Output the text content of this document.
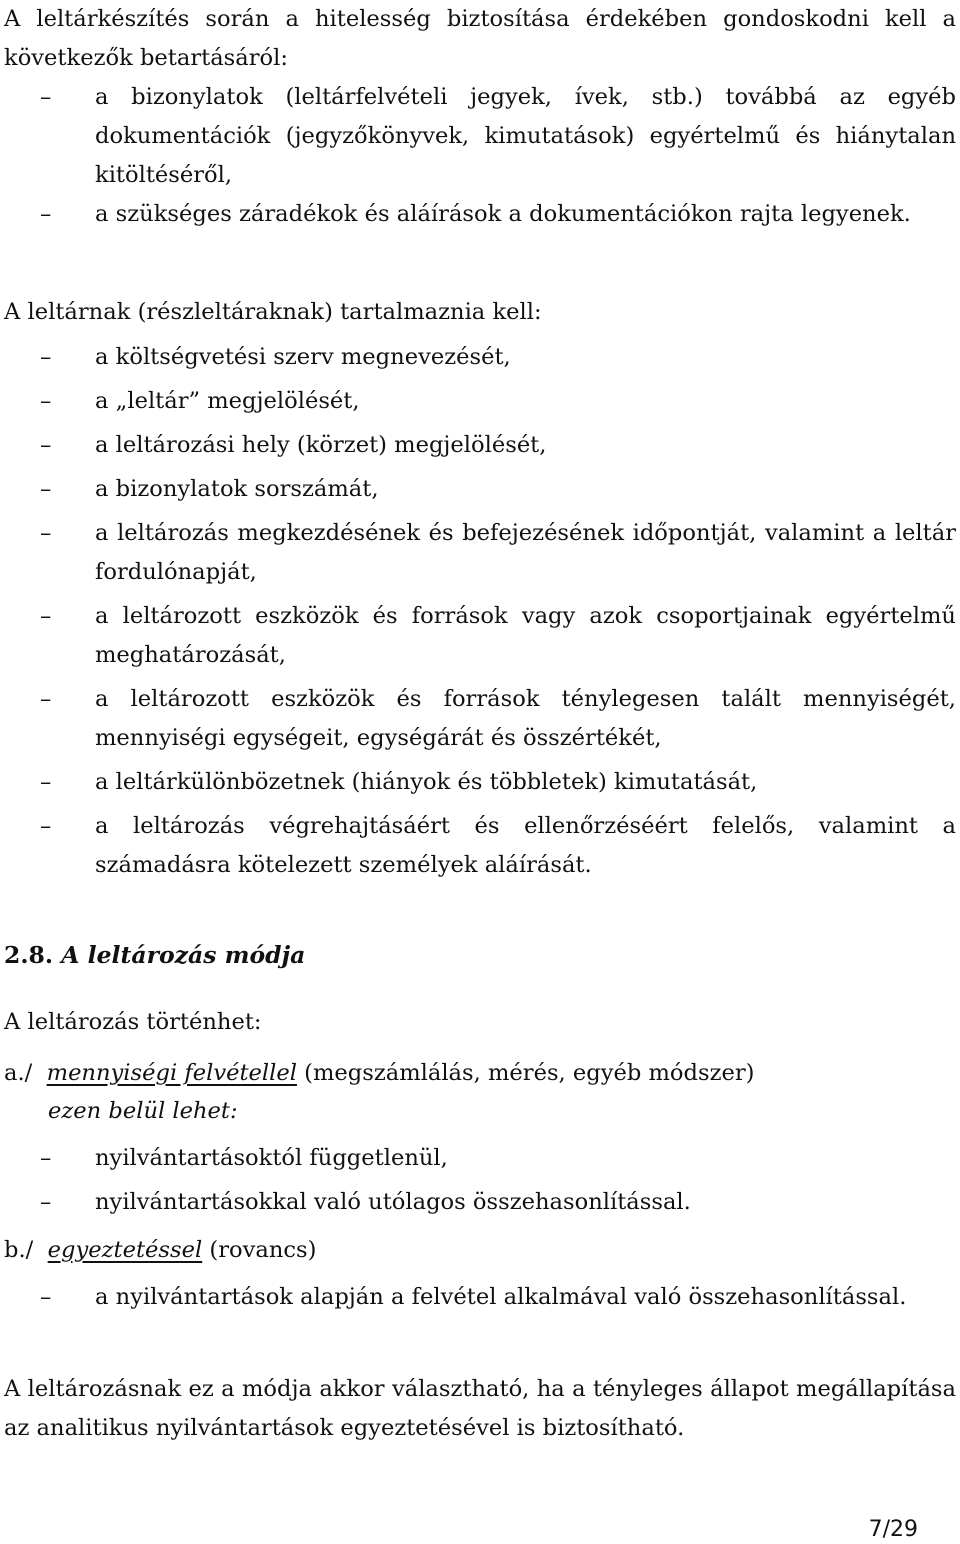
A leltárkészítés során a hitelesség biztosítása érdekében gondoskodni kell a következők betartásáról:

– a bizonylatok (leltárfelvételi jegyek, ívek, stb.) továbbá az egyéb dokumentációk (jegyzőkönyvek, kimutatások) egyértelmű és hiánytalan kitöltéséről,

– a szükséges záradékok és aláírások a dokumentációkon rajta legyenek.

A leltárnak (részleltáraknak) tartalmaznia kell:

– a költségvetési szerv megnevezését,

– a „leltár” megjelölését,

– a leltározási hely (körzet) megjelölését,

– a bizonylatok sorszámát,

– a leltározás megkezdésének és befejezésének időpontját, valamint a leltár fordulónapját,

– a leltározott eszközök és források vagy azok csoportjainak egyértelmű meghatározását,

– a leltározott eszközök és források ténylegesen talált mennyiségét, mennyiségi egységeit, egységárát és összértékét,

– a leltárkülönbözetnek (hiányok és többletek) kimutatását,

– a leltározás végrehajtásáért és ellenőrzéséért felelős, valamint a számadásra kötelezett személyek aláírását.

2.8. A leltározás módja

A leltározás történhet:

a./ mennyiségi felvétellel (megszámlálás, mérés, egyéb módszer)

ezen belül lehet:

– nyilvántartásoktól függetlenül,

– nyilvántartásokkal való utólagos összehasonlítással.

b./ egyeztetéssel (rovancs)

– a nyilvántartások alapján a felvétel alkalmával való összehasonlítással.

A leltározásnak ez a módja akkor választható, ha a tényleges állapot megállapítása az analitikus nyilvántartások egyeztetésével is biztosítható.

7/29
